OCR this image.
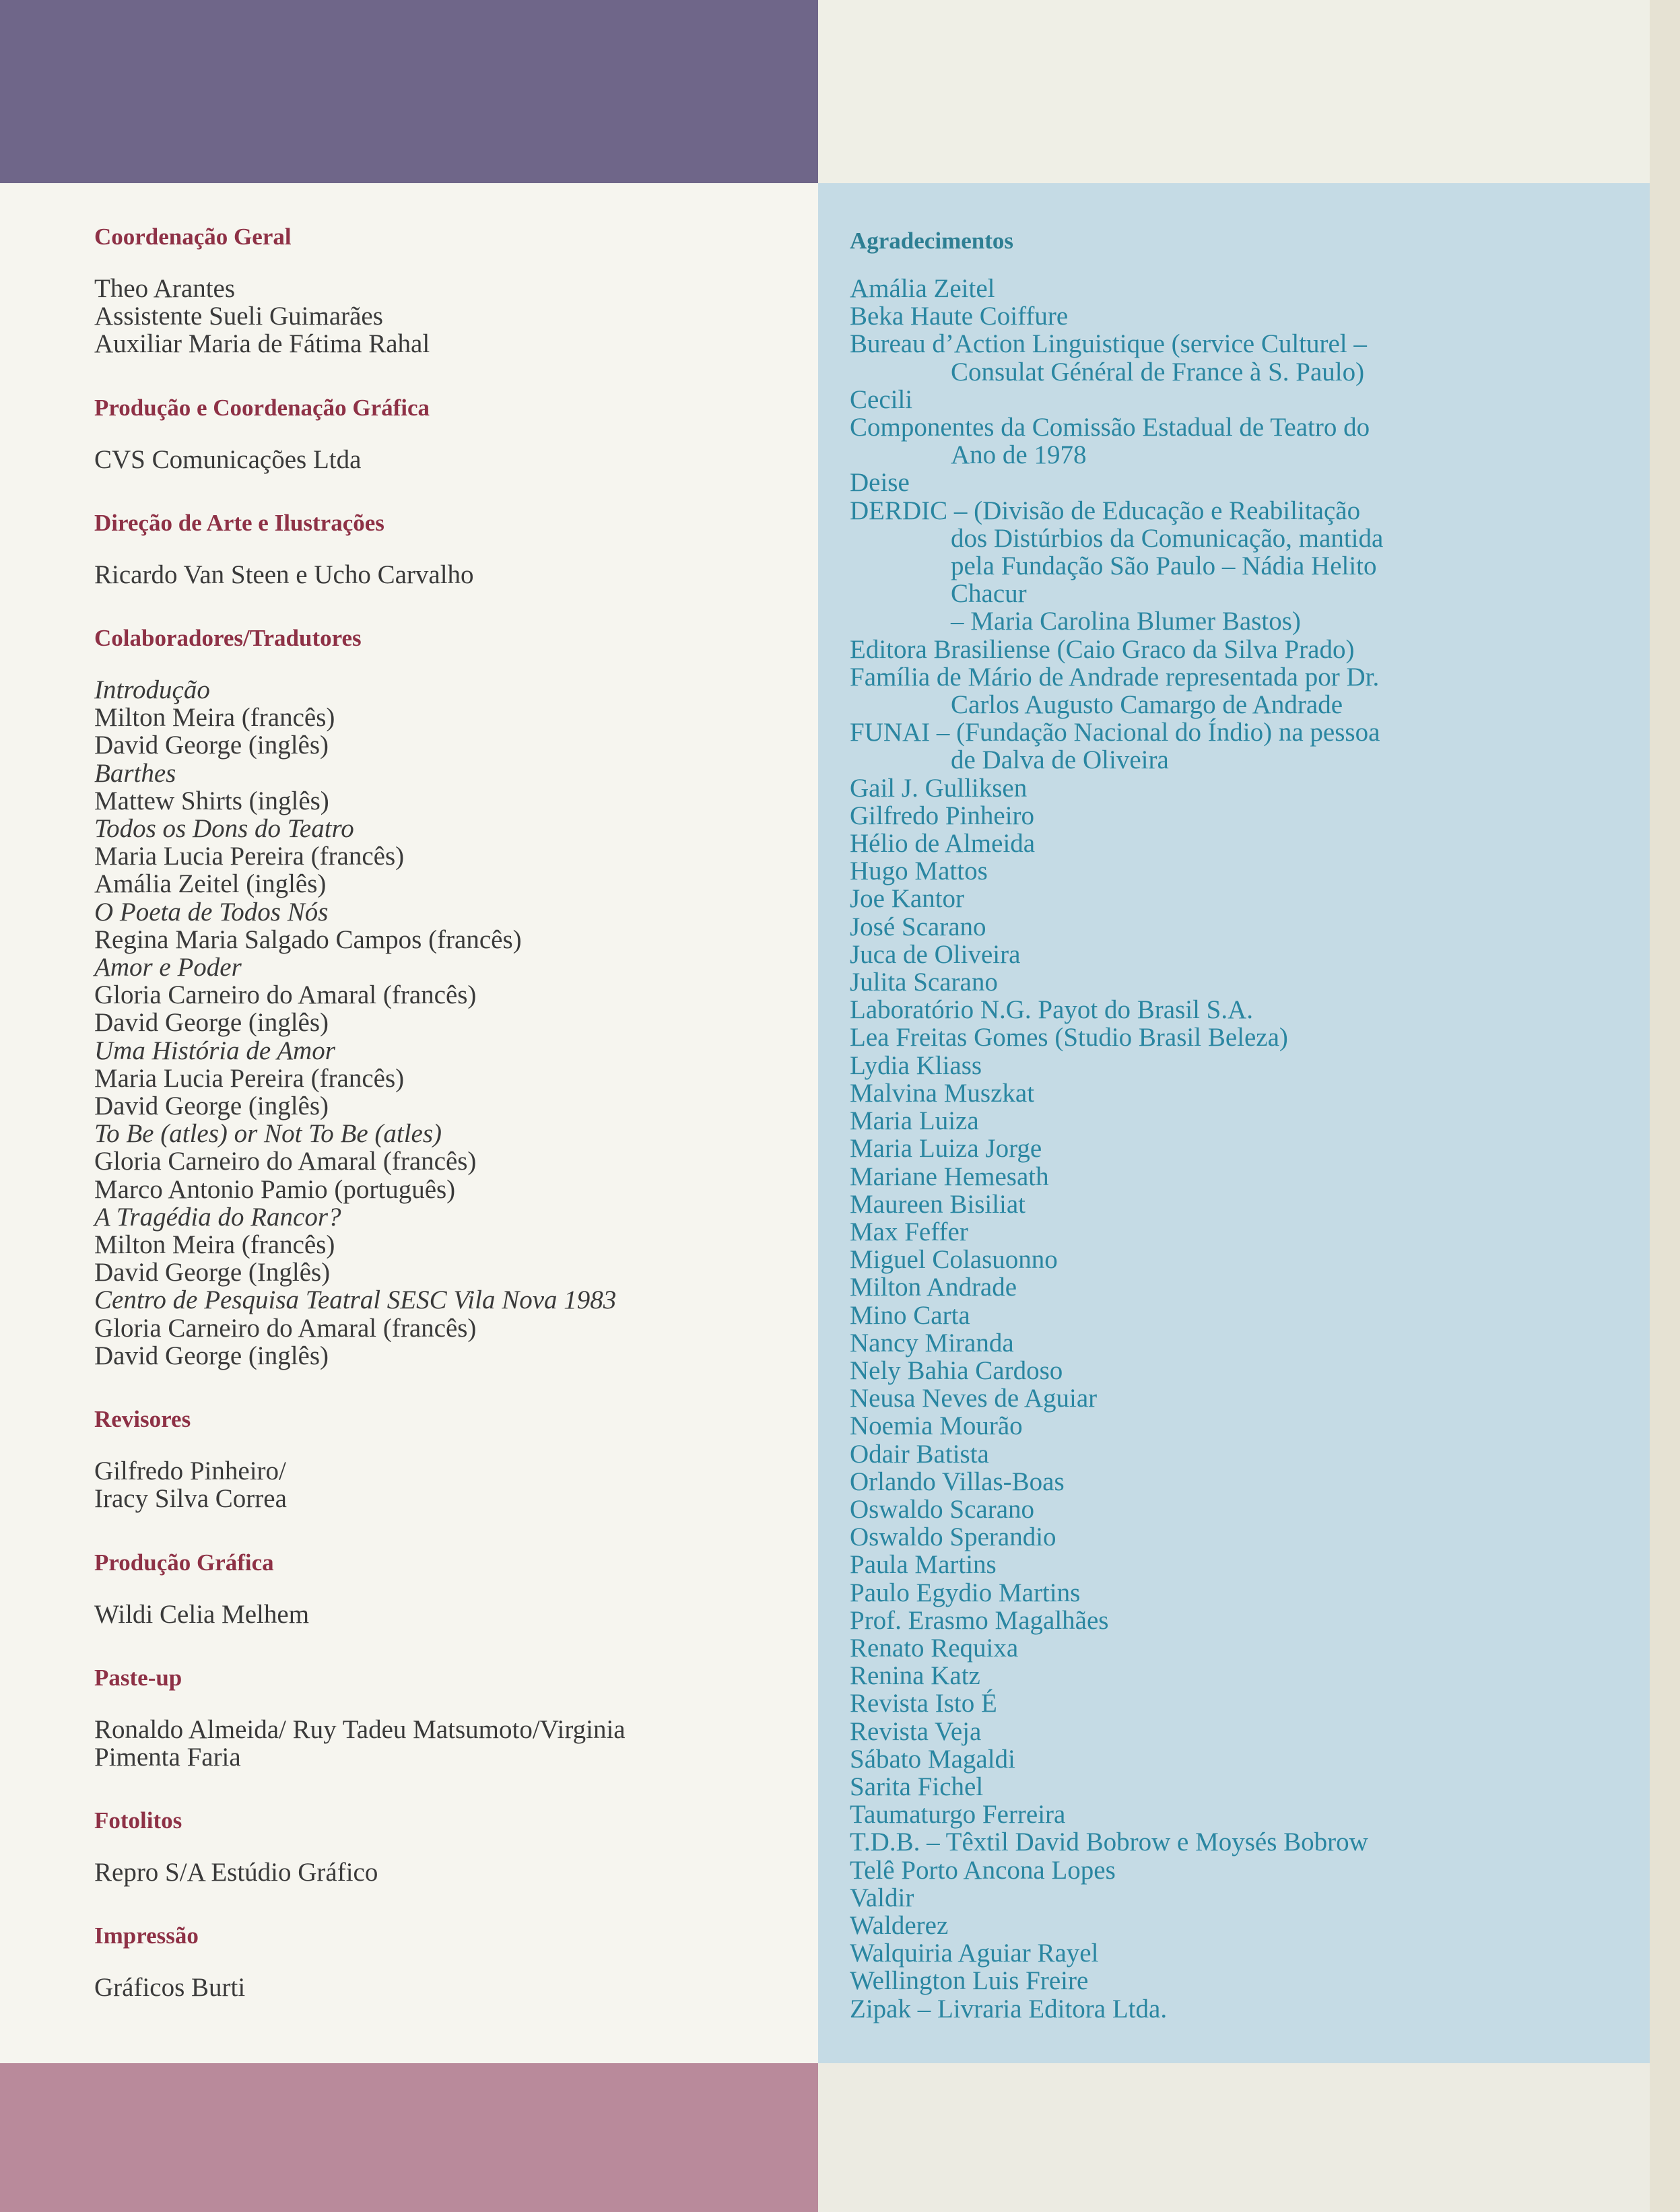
Coordenação Geral

Theo Arantes

Assistente Sueli Guimarães

Auxiliar Maria de Fátima Rahal

Produção e Coordenação Gráfica

CVS Comunicações Ltda

Direção de Arte e Ilustrações

Ricardo Van Steen e Ucho Carvalho

Colaboradores/Tradutores

Introdução

Milton Meira (francês)

David George (inglês)

Barthes

Mattew Shirts (inglês)

Todos os Dons do Teatro

Maria Lucia Pereira (francês)

Amália Zeitel (inglês)

O Poeta de Todos Nós

Regina Maria Salgado Campos (francês)

Amor e Poder

Gloria Carneiro do Amaral (francês)

David George (inglês)

Uma História de Amor

Maria Lucia Pereira (francês)

David George (inglês)

To Be (atles) or Not To Be (atles)

Gloria Carneiro do Amaral (francês)

Marco Antonio Pamio (português)

A Tragédia do Rancor?

Milton Meira (francês)

David George (Inglês)

Centro de Pesquisa Teatral SESC Vila Nova 1983

Gloria Carneiro do Amaral (francês)

David George (inglês)

Revisores

Gilfredo Pinheiro/

Iracy Silva Correa

Produção Gráfica

Wildi Celia Melhem

Paste-up

Ronaldo Almeida/ Ruy Tadeu Matsumoto/Virginia

Pimenta Faria

Fotolitos

Repro S/A Estúdio Gráfico

Impressão

Gráficos Burti

Agradecimentos

Amália Zeitel

Beka Haute Coiffure

Bureau d’Action Linguistique (service Culturel –

Consulat Général de France à S. Paulo)

Cecili

Componentes da Comissão Estadual de Teatro do

Ano de 1978

Deise

DERDIC – (Divisão de Educação e Reabilitação

dos Distúrbios da Comunicação, mantida

pela Fundação São Paulo – Nádia Helito

Chacur

– Maria Carolina Blumer Bastos)

Editora Brasiliense (Caio Graco da Silva Prado)

Família de Mário de Andrade representada por Dr.

Carlos Augusto Camargo de Andrade

FUNAI – (Fundação Nacional do Índio) na pessoa

de Dalva de Oliveira

Gail J. Gulliksen

Gilfredo Pinheiro

Hélio de Almeida

Hugo Mattos

Joe Kantor

José Scarano

Juca de Oliveira

Julita Scarano

Laboratório N.G. Payot do Brasil S.A.

Lea Freitas Gomes (Studio Brasil Beleza)

Lydia Kliass

Malvina Muszkat

Maria Luiza

Maria Luiza Jorge

Mariane Hemesath

Maureen Bisiliat

Max Feffer

Miguel Colasuonno

Milton Andrade

Mino Carta

Nancy Miranda

Nely Bahia Cardoso

Neusa Neves de Aguiar

Noemia Mourão

Odair Batista

Orlando Villas-Boas

Oswaldo Scarano

Oswaldo Sperandio

Paula Martins

Paulo Egydio Martins

Prof. Erasmo Magalhães

Renato Requixa

Renina Katz

Revista Isto É

Revista Veja

Sábato Magaldi

Sarita Fichel

Taumaturgo Ferreira

T.D.B. – Têxtil David Bobrow e Moysés Bobrow

Telê Porto Ancona Lopes

Valdir

Walderez

Walquiria Aguiar Rayel

Wellington Luis Freire

Zipak – Livraria Editora Ltda.
